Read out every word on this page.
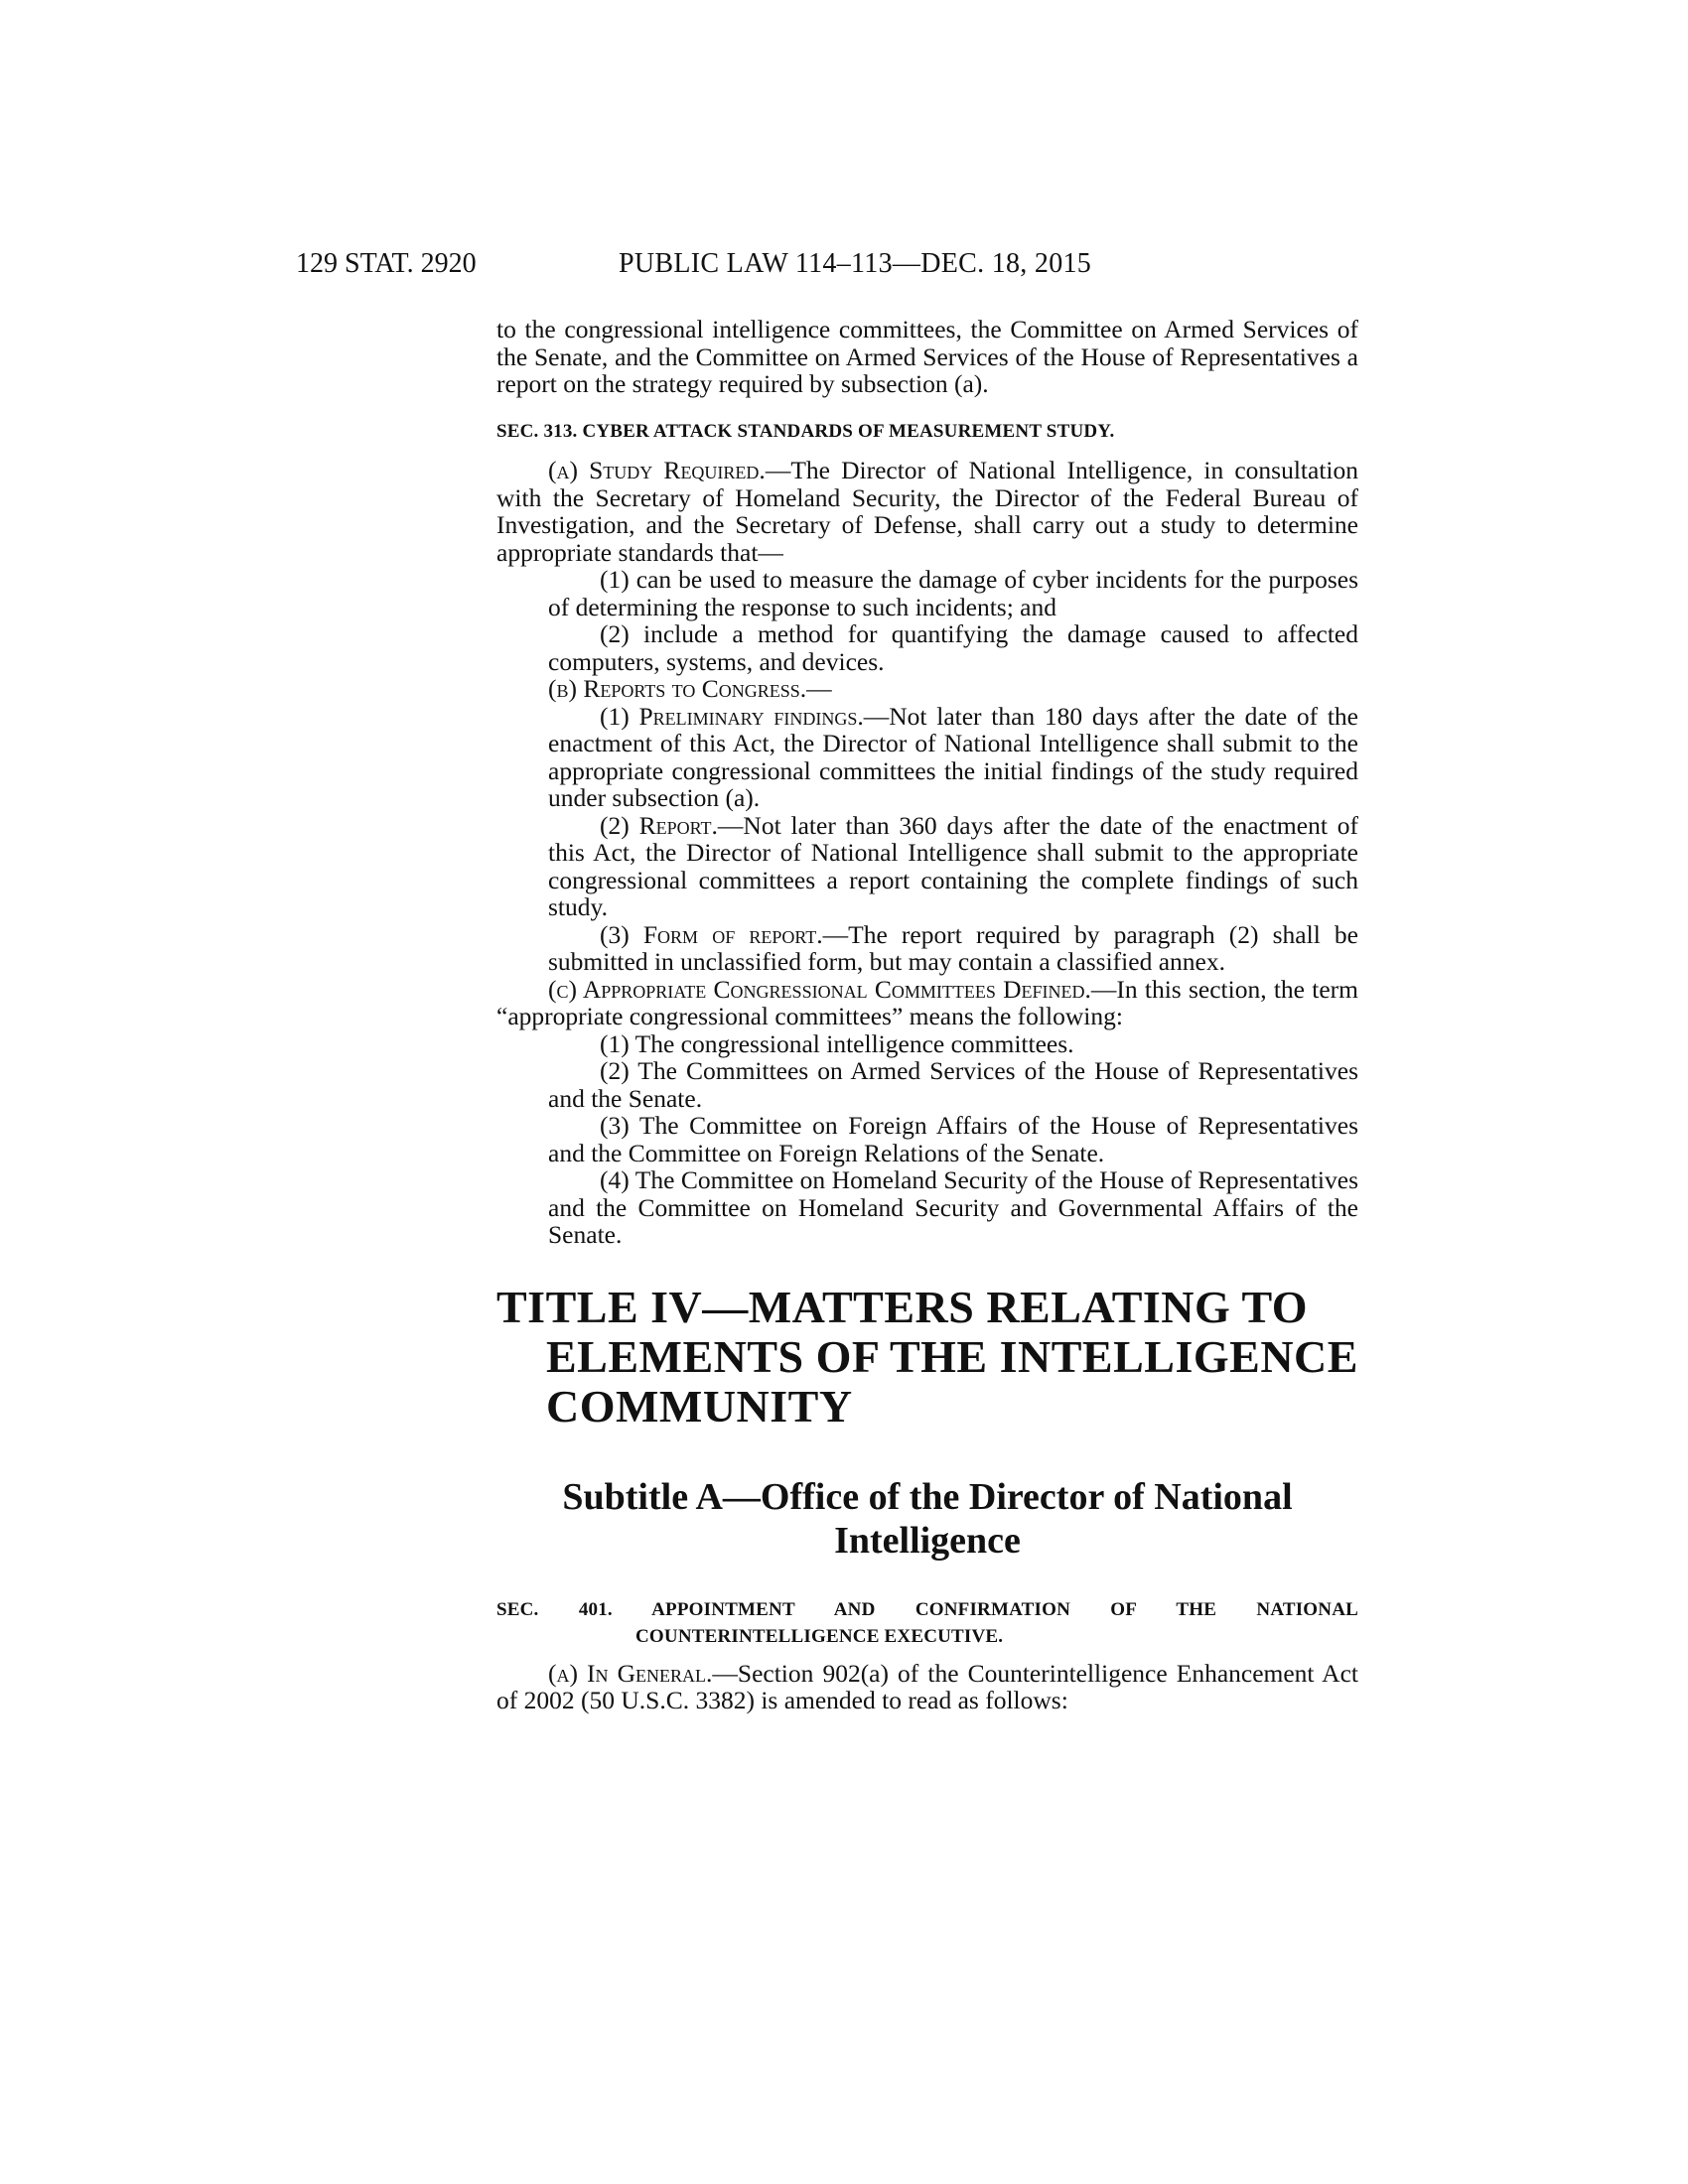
129 STAT. 2920	PUBLIC LAW 114–113—DEC. 18, 2015

to the congressional intelligence committees, the Committee on Armed Services of the Senate, and the Committee on Armed Services of the House of Representatives a report on the strategy required by subsection (a).

SEC. 313. CYBER ATTACK STANDARDS OF MEASUREMENT STUDY.

(a) Study Required.—The Director of National Intelligence, in consultation with the Secretary of Homeland Security, the Director of the Federal Bureau of Investigation, and the Secretary of Defense, shall carry out a study to determine appropriate standards that—

(1) can be used to measure the damage of cyber incidents for the purposes of determining the response to such incidents; and

(2) include a method for quantifying the damage caused to affected computers, systems, and devices.

(b) Reports to Congress.—

(1) Preliminary findings.—Not later than 180 days after the date of the enactment of this Act, the Director of National Intelligence shall submit to the appropriate congressional committees the initial findings of the study required under subsection (a).

(2) Report.—Not later than 360 days after the date of the enactment of this Act, the Director of National Intelligence shall submit to the appropriate congressional committees a report containing the complete findings of such study.

(3) Form of report.—The report required by paragraph (2) shall be submitted in unclassified form, but may contain a classified annex.

(c) Appropriate Congressional Committees Defined.—In this section, the term “appropriate congressional committees” means the following:

(1) The congressional intelligence committees.

(2) The Committees on Armed Services of the House of Representatives and the Senate.

(3) The Committee on Foreign Affairs of the House of Representatives and the Committee on Foreign Relations of the Senate.

(4) The Committee on Homeland Security of the House of Representatives and the Committee on Homeland Security and Governmental Affairs of the Senate.

TITLE IV—MATTERS RELATING TO ELEMENTS OF THE INTELLIGENCE COMMUNITY
Subtitle A—Office of the Director of National Intelligence
SEC. 401. APPOINTMENT AND CONFIRMATION OF THE NATIONAL COUNTERINTELLIGENCE EXECUTIVE.

(a) In General.—Section 902(a) of the Counterintelligence Enhancement Act of 2002 (50 U.S.C. 3382) is amended to read as follows:
